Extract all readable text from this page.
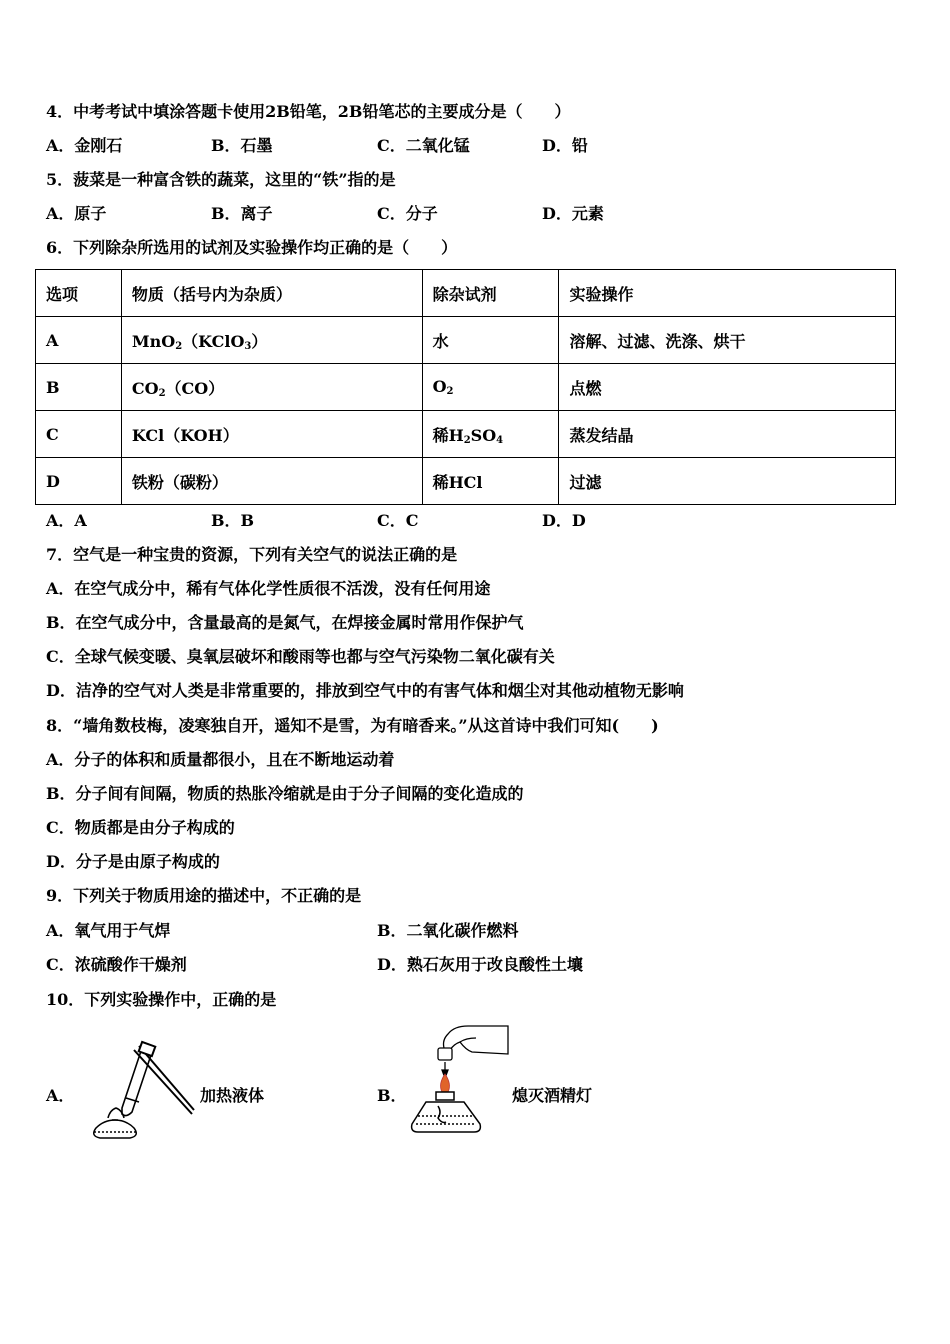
4．中考考试中填涂答题卡使用2B铅笔，2B铅笔芯的主要成分是（　　）
A．金刚石	B．石墨	C．二氧化锰	D．铅
5．菠菜是一种富含铁的蔬菜，这里的“铁”指的是
A．原子	B．离子	C．分子	D．元素
6．下列除杂所选用的试剂及实验操作均正确的是（　　）
选项	物质（括号内为杂质）	除杂试剂	实验操作
A	MnO$_2$（KClO$_3$）	水	溶解、过滤、洗涤、烘干
B	$CO_2(CO)$	$O_2$	点燃
C	KCl（KOH）	稀$H_2SO_4$	蒸发结晶
D	铁粉（碳粉）	稀HCl	过滤
A．A	B．B	C．C	D．D
7．空气是一种宝贵的资源，下列有关空气的说法正确的是
A．在空气成分中，稀有气体化学性质很不活泼，没有任何用途
B．在空气成分中，含量最高的是氮气，在焊接金属时常用作保护气
C．全球气候变暖、臭氧层破坏和酸雨等也都与空气污染物二氧化碳有关
D．洁净的空气对人类是非常重要的，排放到空气中的有害气体和烟尘对其他动植物无影响
8．“墙角数枝梅，凌寒独自开，遥知不是雪，为有暗香来。”从这首诗中我们可知(　　)
A．分子的体积和质量都很小，且在不断地运动着
B．分子间有间隔，物质的热胀冷缩就是由于分子间隔的变化造成的
C．物质都是由分子构成的
D．分子是由原子构成的
9．下列关于物质用途的描述中，不正确的是
A．氧气用于气焊	B．二氧化碳作燃料
C．浓硫酸作干燥剂	D．熟石灰用于改良酸性土壤
10．下列实验操作中，正确的是
A．	加热液体	B．	熄灭酒精灯
